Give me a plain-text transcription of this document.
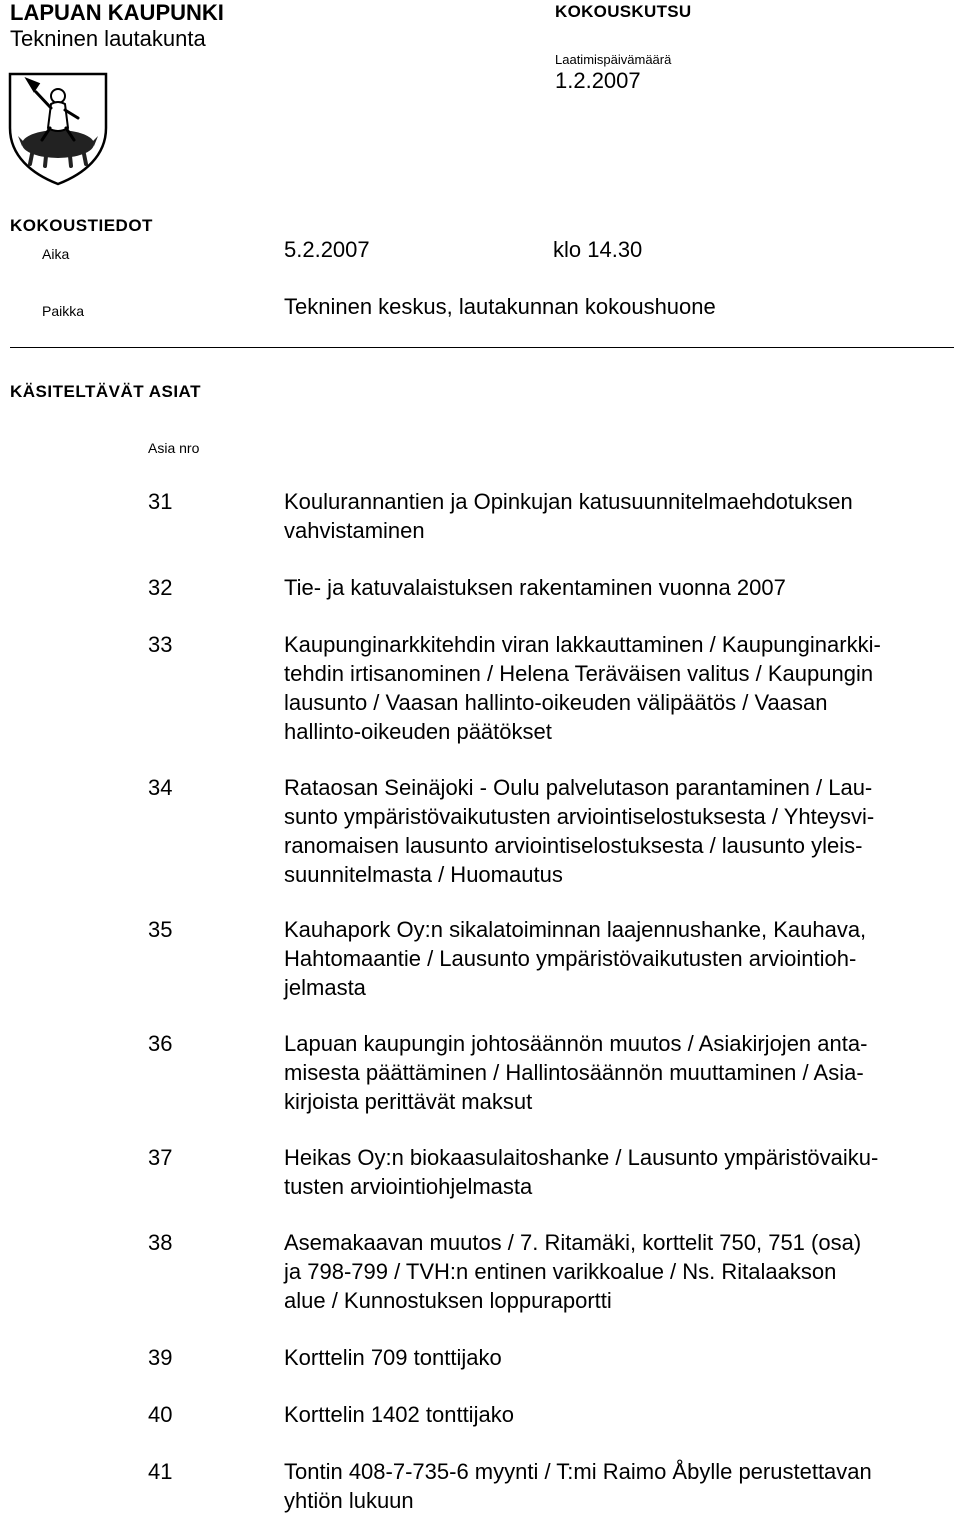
LAPUAN KAUPUNKI
Tekninen lautakunta
KOKOUSKUTSU
Laatimispäivämäärä
1.2.2007
KOKOUSTIEDOT
Aika	5.2.2007	klo 14.30
Paikka	Tekninen keskus, lautakunnan kokoushuone
KÄSITELTÄVÄT ASIAT
Asia nro
31	Koulurannantien ja Opinkujan katusuunnitelmaehdotuksen
vahvistaminen
32	Tie- ja katuvalaistuksen rakentaminen vuonna 2007
33	Kaupunginarkkitehdin viran lakkauttaminen / Kaupunginarkki-
tehdin irtisanominen / Helena Teräväisen valitus / Kaupungin
lausunto / Vaasan hallinto-oikeuden välipäätös / Vaasan
hallinto-oikeuden päätökset
34	Rataosan Seinäjoki - Oulu palvelutason parantaminen / Lau-
sunto ympäristövaikutusten arviointiselostuksesta / Yhteysvi-
ranomaisen lausunto arviointiselostuksesta / lausunto yleis-
suunnitelmasta / Huomautus
35	Kauhapork Oy:n sikalatoiminnan laajennushanke, Kauhava,
Hahtomaantie / Lausunto ympäristövaikutusten arviointioh-
jelmasta
36	Lapuan kaupungin johtosäännön muutos / Asiakirjojen anta-
misesta päättäminen / Hallintosäännön muuttaminen / Asia-
kirjoista perittävät maksut
37	Heikas Oy:n biokaasulaitoshanke / Lausunto ympäristövaiku-
tusten arviointiohjelmasta
38	Asemakaavan muutos / 7. Ritamäki, korttelit 750, 751 (osa)
ja 798-799 / TVH:n entinen varikkoalue / Ns. Ritalaakson
alue / Kunnostuksen loppuraportti
39	Korttelin 709 tonttijako
40	Korttelin 1402 tonttijako
41	Tontin 408-7-735-6 myynti / T:mi Raimo Åbylle perustettavan
yhtiön lukuun
